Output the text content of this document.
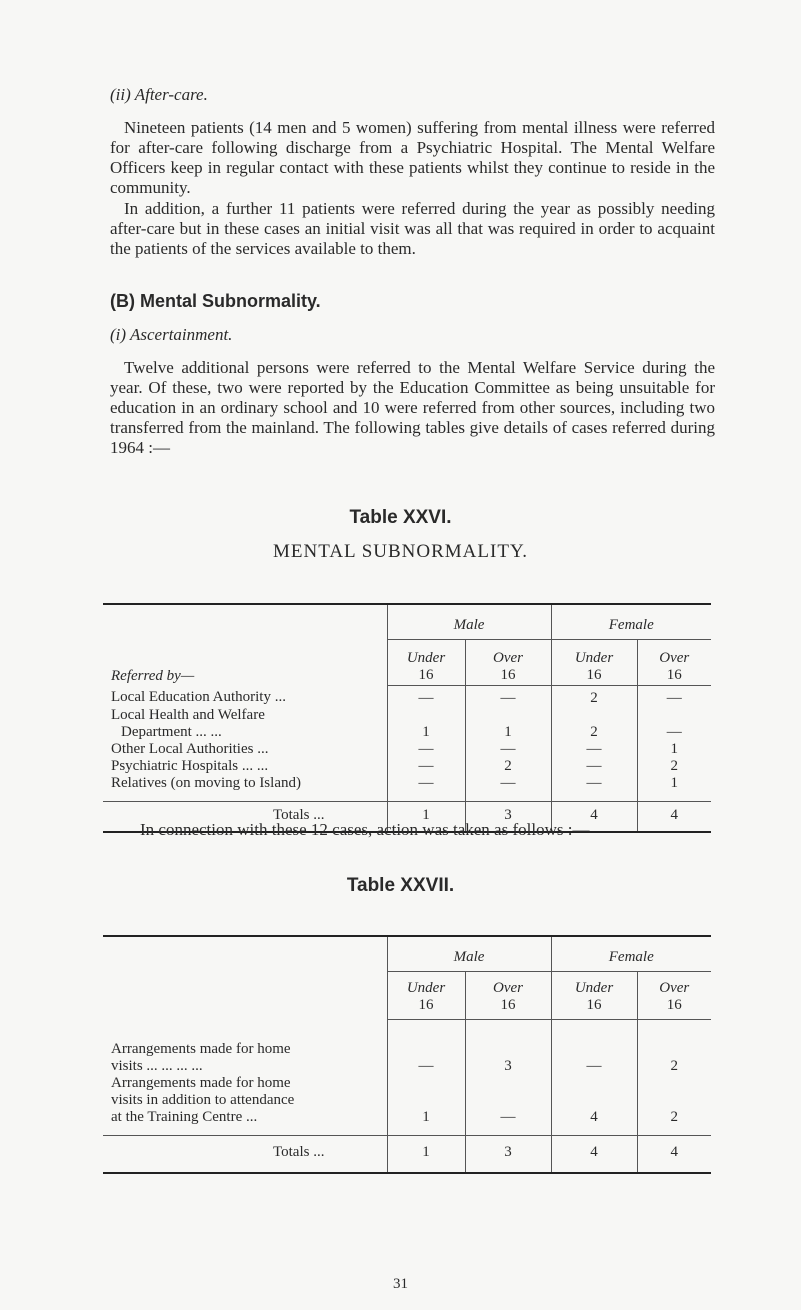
(ii) After-care.

Nineteen patients (14 men and 5 women) suffering from mental illness were referred for after-care following discharge from a Psychiatric Hospital. The Mental Welfare Officers keep in regular contact with these patients whilst they continue to reside in the community.

In addition, a further 11 patients were referred during the year as possibly needing after-care but in these cases an initial visit was all that was required in order to acquaint the patients of the services available to them.

(B) Mental Subnormality.
(i) Ascertainment.

Twelve additional persons were referred to the Mental Welfare Service during the year. Of these, two were reported by the Education Committee as being unsuitable for education in an ordinary school and 10 were referred from other sources, including two transferred from the mainland. The following tables give details of cases referred during 1964 :—

Table XXVI.
MENTAL SUBNORMALITY.
	Male		Female	
Referred by—	Under
16	Over
16	Under
16	Over
16
Local Education Authority ...	—	—	2	—
Local Health and Welfare				
Department ... ...	1	1	2	—
Other Local Authorities ...	—	—	—	1
Psychiatric Hospitals ... ...	—	2	—	2
Relatives (on moving to Island)	—	—	—	1
Totals ...	1	3	4	4

In connection with these 12 cases, action was taken as follows :—

Table XXVII.
	Male		Female	
	Under
16	Over
16	Under
16	Over
16
Arrangements made for home				
visits ... ... ... ...	—	3	—	2
Arrangements made for home				
visits in addition to attendance				
at the Training Centre ...	1	—	4	2
Totals ...	1	3	4	4
31
